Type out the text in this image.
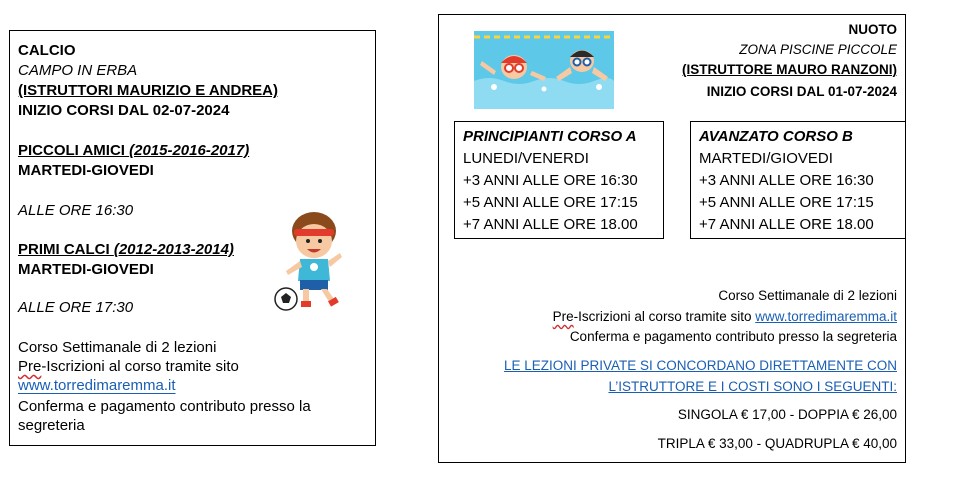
CALCIO
CAMPO IN ERBA
(ISTRUTTORI MAURIZIO E ANDREA)
INIZIO CORSI DAL 02-07-2024
PICCOLI AMICI (2015-2016-2017)
MARTEDI-GIOVEDI
ALLE ORE 16:30
PRIMI CALCI (2012-2013-2014)
MARTEDI-GIOVEDI
ALLE ORE 17:30
Corso Settimanale di 2 lezioni
Pre-Iscrizioni al corso tramite sito
www.torredimaremma.it
Conferma e pagamento contributo presso la
segreteria
NUOTO
ZONA PISCINE PICCOLE
(ISTRUTTORE MAURO RANZONI)
INIZIO CORSI DAL 01-07-2024
PRINCIPIANTI CORSO A
LUNEDI/VENERDI
+3 ANNI ALLE ORE 16:30
+5 ANNI ALLE ORE 17:15
+7 ANNI ALLE ORE 18.00
AVANZATO CORSO B
MARTEDI/GIOVEDI
+3 ANNI ALLE ORE 16:30
+5 ANNI ALLE ORE 17:15
+7 ANNI ALLE ORE 18.00
Corso Settimanale di 2 lezioni
Pre-Iscrizioni al corso tramite sito www.torredimaremma.it
Conferma e pagamento contributo presso la segreteria
LE LEZIONI PRIVATE SI CONCORDANO DIRETTAMENTE CON
L’ISTRUTTORE E I COSTI SONO I SEGUENTI:
SINGOLA € 17,00 - DOPPIA € 26,00
TRIPLA € 33,00 - QUADRUPLA € 40,00
